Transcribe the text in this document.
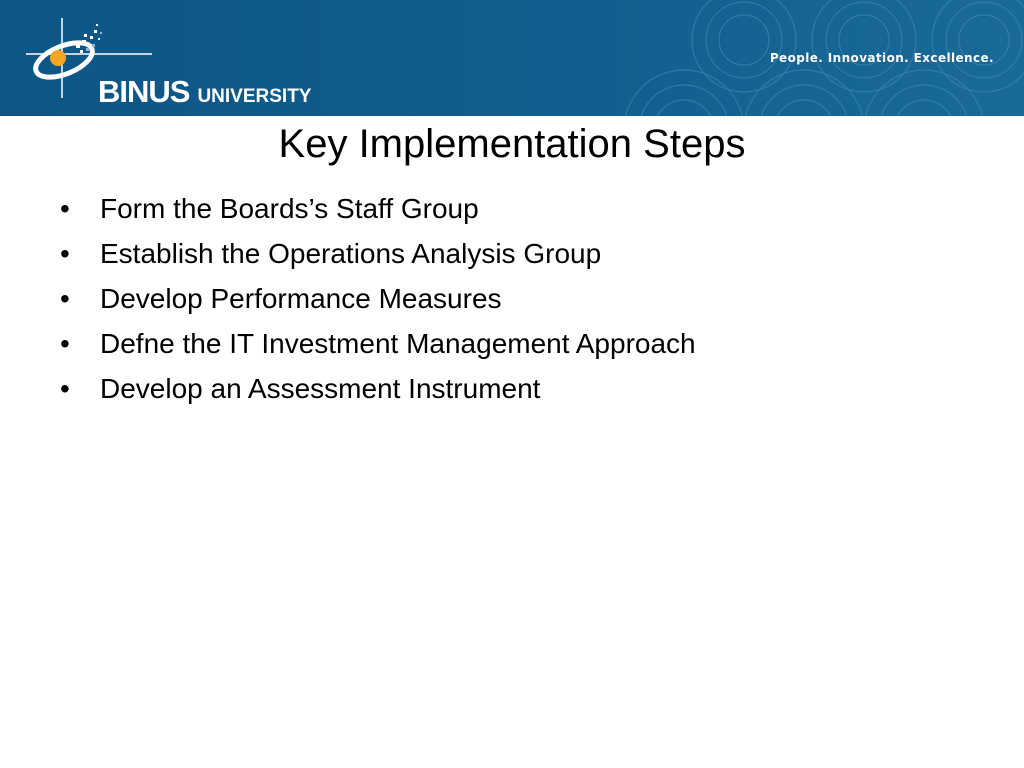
BINUS UNIVERSITY
People. Innovation. Excellence.
Key Implementation Steps
• Form the Boards’s Staff Group
• Establish the Operations Analysis Group
• Develop Performance Measures
• Defne the IT Investment Management Approach
• Develop an Assessment Instrument
